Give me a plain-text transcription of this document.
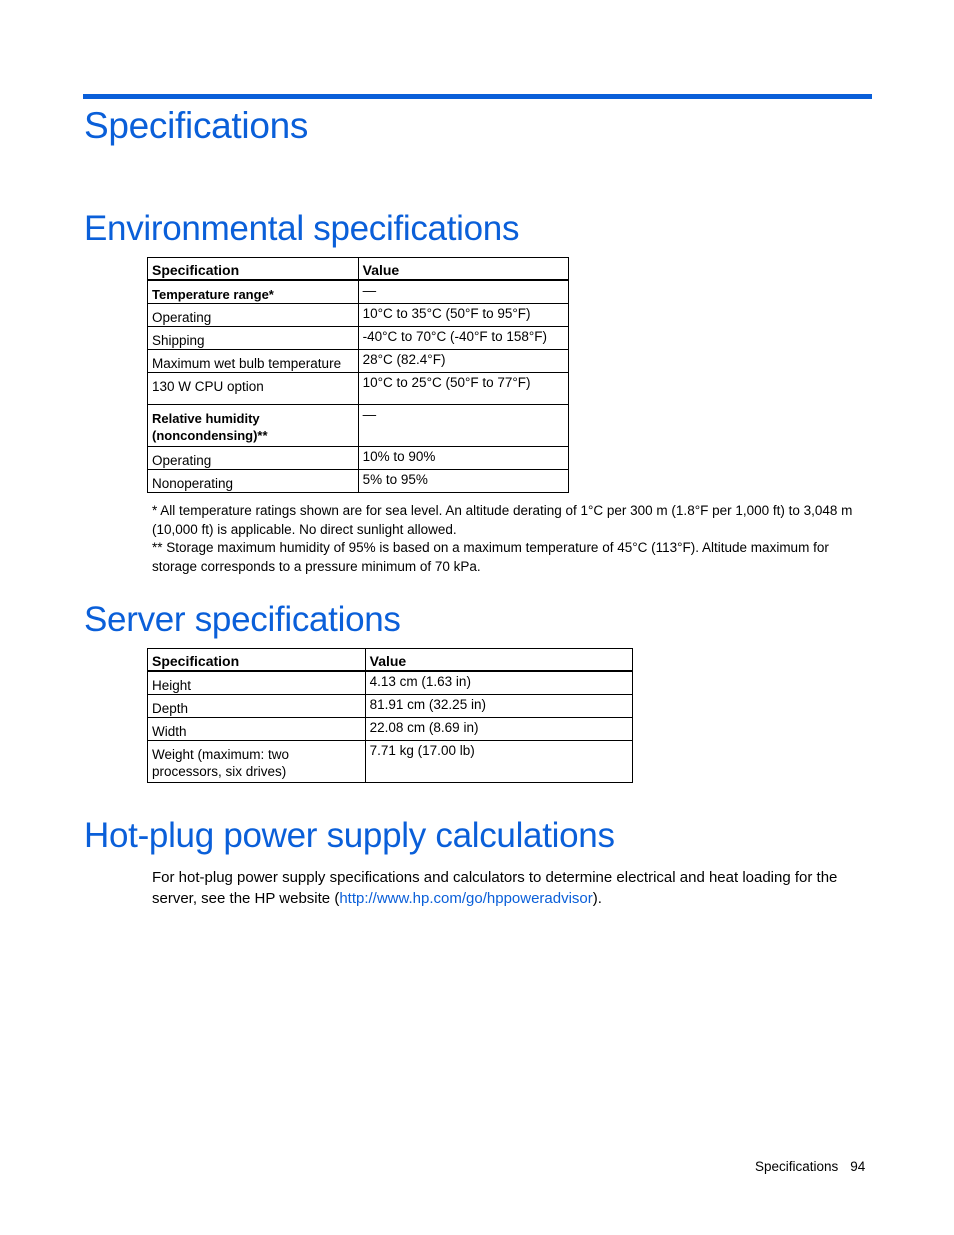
Specifications
Environmental specifications
Specification	Value
Temperature range*	—
Operating	10°C to 35°C (50°F to 95°F)
Shipping	-40°C to 70°C (-40°F to 158°F)
Maximum wet bulb temperature	28°C (82.4°F)
130 W CPU option	10°C to 25°C (50°F to 77°F)
Relative humidity (noncondensing)**	—
Operating	10% to 90%
Nonoperating	5% to 95%
* All temperature ratings shown are for sea level. An altitude derating of 1°C per 300 m (1.8°F per 1,000 ft) to 3,048 m (10,000 ft) is applicable. No direct sunlight allowed.
** Storage maximum humidity of 95% is based on a maximum temperature of 45°C (113°F). Altitude maximum for storage corresponds to a pressure minimum of 70 kPa.
Server specifications
Specification	Value
Height	4.13 cm (1.63 in)
Depth	81.91 cm (32.25 in)
Width	22.08 cm (8.69 in)
Weight (maximum: two processors, six drives)	7.71 kg (17.00 lb)
Hot-plug power supply calculations
For hot-plug power supply specifications and calculators to determine electrical and heat loading for the server, see the HP website (http://www.hp.com/go/hppoweradvisor).
Specifications 94
